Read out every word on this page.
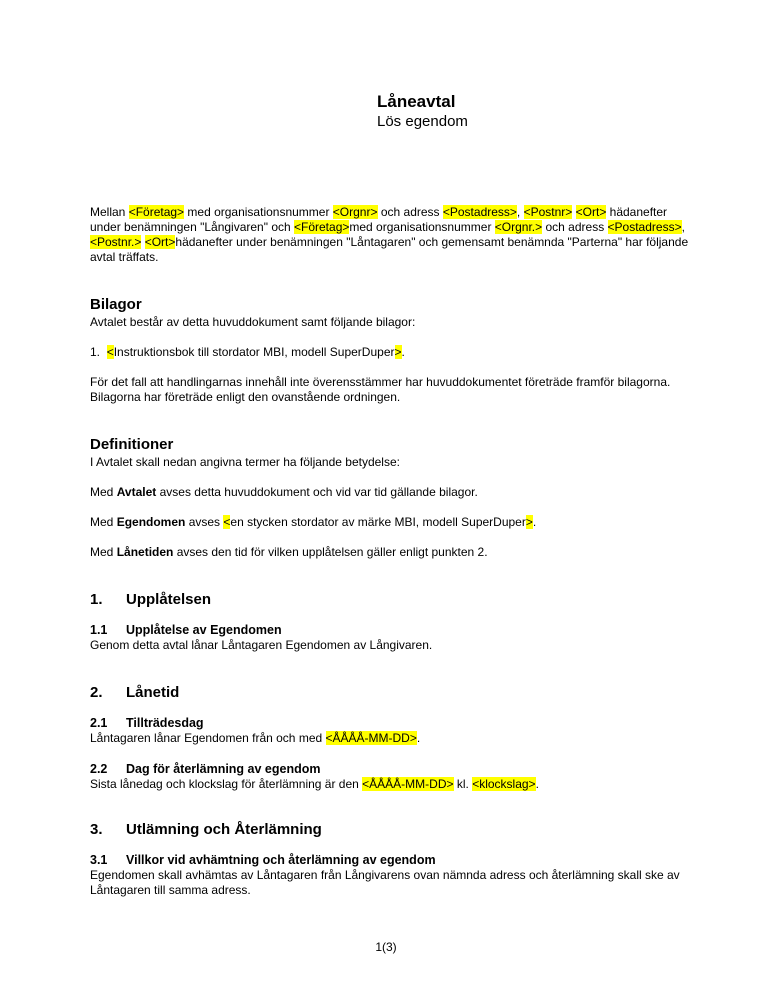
Låneavtal

Lös egendom

Mellan <Företag> med organisationsnummer <Orgnr> och adress <Postadress>, <Postnr> <Ort> hädanefter under benämningen "Långivaren" och <Företag>med organisationsnummer <Orgnr.> och adress <Postadress>, <Postnr.> <Ort>hädanefter under benämningen "Låntagaren" och gemensamt benämnda "Parterna" har följande avtal träffats.

Bilagor

Avtalet består av detta huvuddokument samt följande bilagor:

1. <Instruktionsbok till stordator MBI, modell SuperDuper>.

För det fall att handlingarnas innehåll inte överensstämmer har huvuddokumentet företräde framför bilagorna. Bilagorna har företräde enligt den ovanstående ordningen.

Definitioner

I Avtalet skall nedan angivna termer ha följande betydelse:

Med Avtalet avses detta huvuddokument och vid var tid gällande bilagor.

Med Egendomen avses <en stycken stordator av märke MBI, modell SuperDuper>.

Med Lånetiden avses den tid för vilken upplåtelsen gäller enligt punkten 2.

1.	Upplåtelsen
1.1	Upplåtelse av Egendomen

Genom detta avtal lånar Låntagaren Egendomen av Långivaren.

2.	Lånetid
2.1	Tillträdesdag

Låntagaren lånar Egendomen från och med <ÅÅÅÅ-MM-DD>.

2.2	Dag för återlämning av egendom

Sista lånedag och klockslag för återlämning är den <ÅÅÅÅ-MM-DD> kl. <klockslag>.

3.	Utlämning och Återlämning
3.1	Villkor vid avhämtning och återlämning av egendom

Egendomen skall avhämtas av Låntagaren från Långivarens ovan nämnda adress och återlämning skall ske av Låntagaren till samma adress.

1(3)
